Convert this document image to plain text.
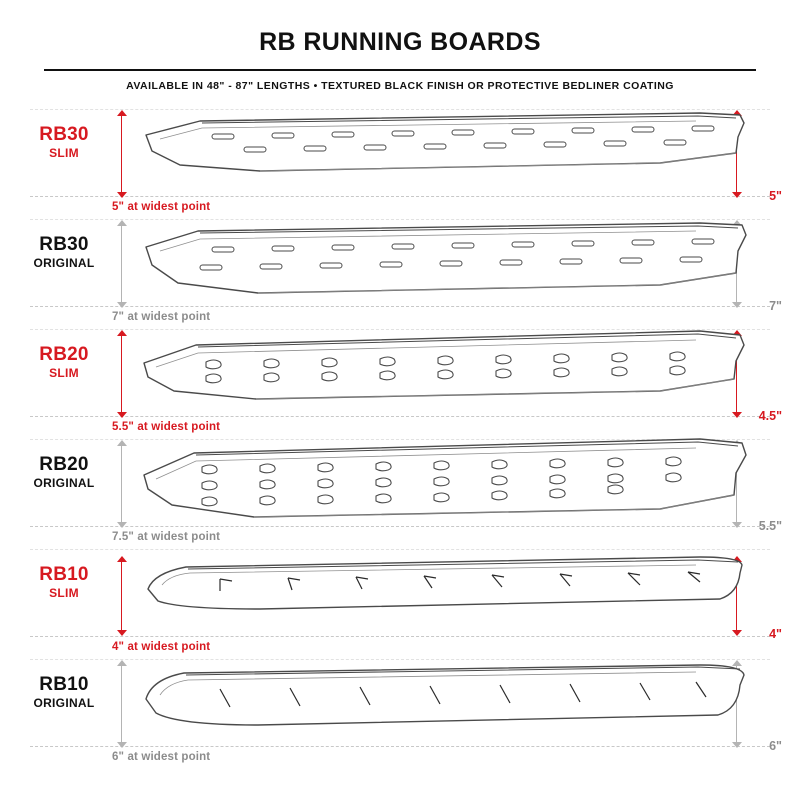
RB RUNNING BOARDS
AVAILABLE IN 48" - 87" LENGTHS • TEXTURED BLACK FINISH OR PROTECTIVE BEDLINER COATING
RB30
SLIM
5" at widest point
5"
RB30
ORIGINAL
7" at widest point
7"
RB20
SLIM
5.5" at widest point
4.5"
RB20
ORIGINAL
7.5" at widest point
5.5"
RB10
SLIM
4" at widest point
4"
RB10
ORIGINAL
6" at widest point
6"
